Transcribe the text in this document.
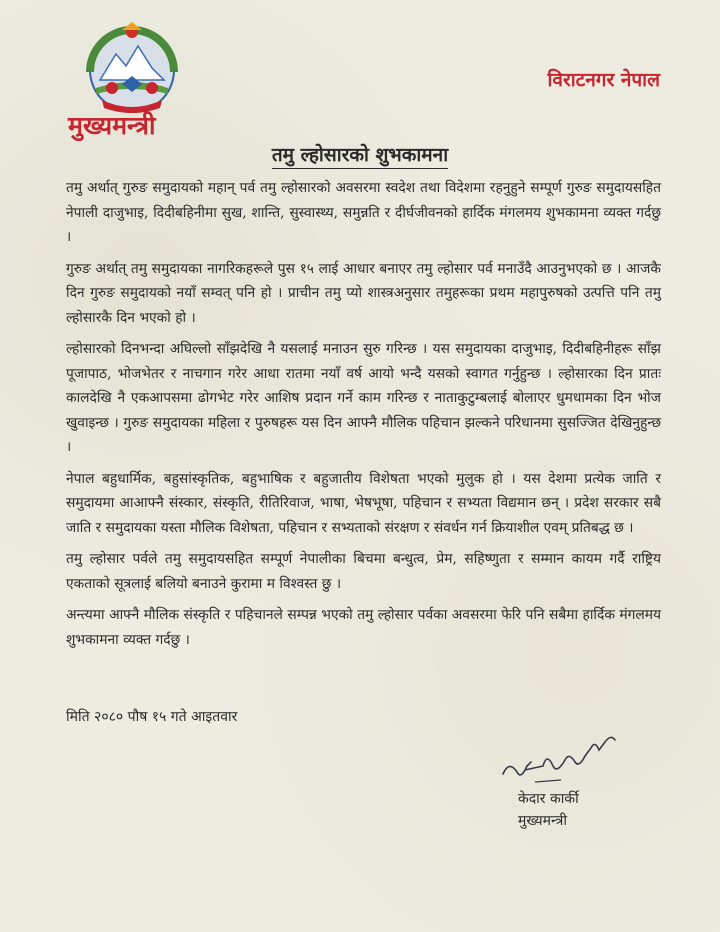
मुख्यमन्त्री
विराटनगर नेपाल
तमु ल्होसारको शुभकामना

तमु अर्थात् गुरुङ समुदायको महान् पर्व तमु ल्होसारको अवसरमा स्वदेश तथा विदेशमा रहनुहुने सम्पूर्ण गुरुङ समुदायसहित नेपाली दाजुभाइ, दिदीबहिनीमा सुख, शान्ति, सुस्वास्थ्य, समुन्नति र दीर्घजीवनको हार्दिक मंगलमय शुभकामना व्यक्त गर्दछु ।

गुरुङ अर्थात् तमु समुदायका नागरिकहरूले पुस १५ लाई आधार बनाएर तमु ल्होसार पर्व मनाउँदै आउनुभएको छ । आजकै दिन गुरुङ समुदायको नयाँ सम्वत् पनि हो । प्राचीन तमु प्यो शास्त्रअनुसार तमुहरूका प्रथम महापुरुषको उत्पत्ति पनि तमु ल्होसारकै दिन भएको हो ।

ल्होसारको दिनभन्दा अघिल्लो साँझदेखि नै यसलाई मनाउन सुरु गरिन्छ । यस समुदायका दाजुभाइ, दिदीबहिनीहरू साँझ पूजापाठ, भोजभेतर र नाचगान गरेर आधा रातमा नयाँ वर्ष आयो भन्दै यसको स्वागत गर्नुहुन्छ । ल्होसारका दिन प्रातः कालदेखि नै एकआपसमा ढोगभेट गरेर आशिष प्रदान गर्ने काम गरिन्छ र नाताकुटुम्बलाई बोलाएर धुमधामका दिन भोज खुवाइन्छ । गुरुङ समुदायका महिला र पुरुषहरू यस दिन आफ्नै मौलिक पहिचान झल्कने परिधानमा सुसज्जित देखिनुहुन्छ ।

नेपाल बहुधार्मिक, बहुसांस्कृतिक, बहुभाषिक र बहुजातीय विशेषता भएको मुलुक हो । यस देशमा प्रत्येक जाति र समुदायमा आआफ्नै संस्कार, संस्कृति, रीतिरिवाज, भाषा, भेषभूषा, पहिचान र सभ्यता विद्यमान छन् । प्रदेश सरकार सबै जाति र समुदायका यस्ता मौलिक विशेषता, पहिचान र सभ्यताको संरक्षण र संवर्धन गर्न क्रियाशील एवम् प्रतिबद्ध छ ।

तमु ल्होसार पर्वले तमु समुदायसहित सम्पूर्ण नेपालीका बिचमा बन्धुत्व, प्रेम, सहिष्णुता र सम्मान कायम गर्दै राष्ट्रिय एकताको सूत्रलाई बलियो बनाउने कुरामा म विश्वस्त छु ।

अन्त्यमा आफ्नै मौलिक संस्कृति र पहिचानले सम्पन्न भएको तमु ल्होसार पर्वका अवसरमा फेरि पनि सबैमा हार्दिक मंगलमय शुभकामना व्यक्त गर्दछु ।

मिति २०८० पौष १५ गते आइतवार
केदार कार्की
मुख्यमन्त्री
